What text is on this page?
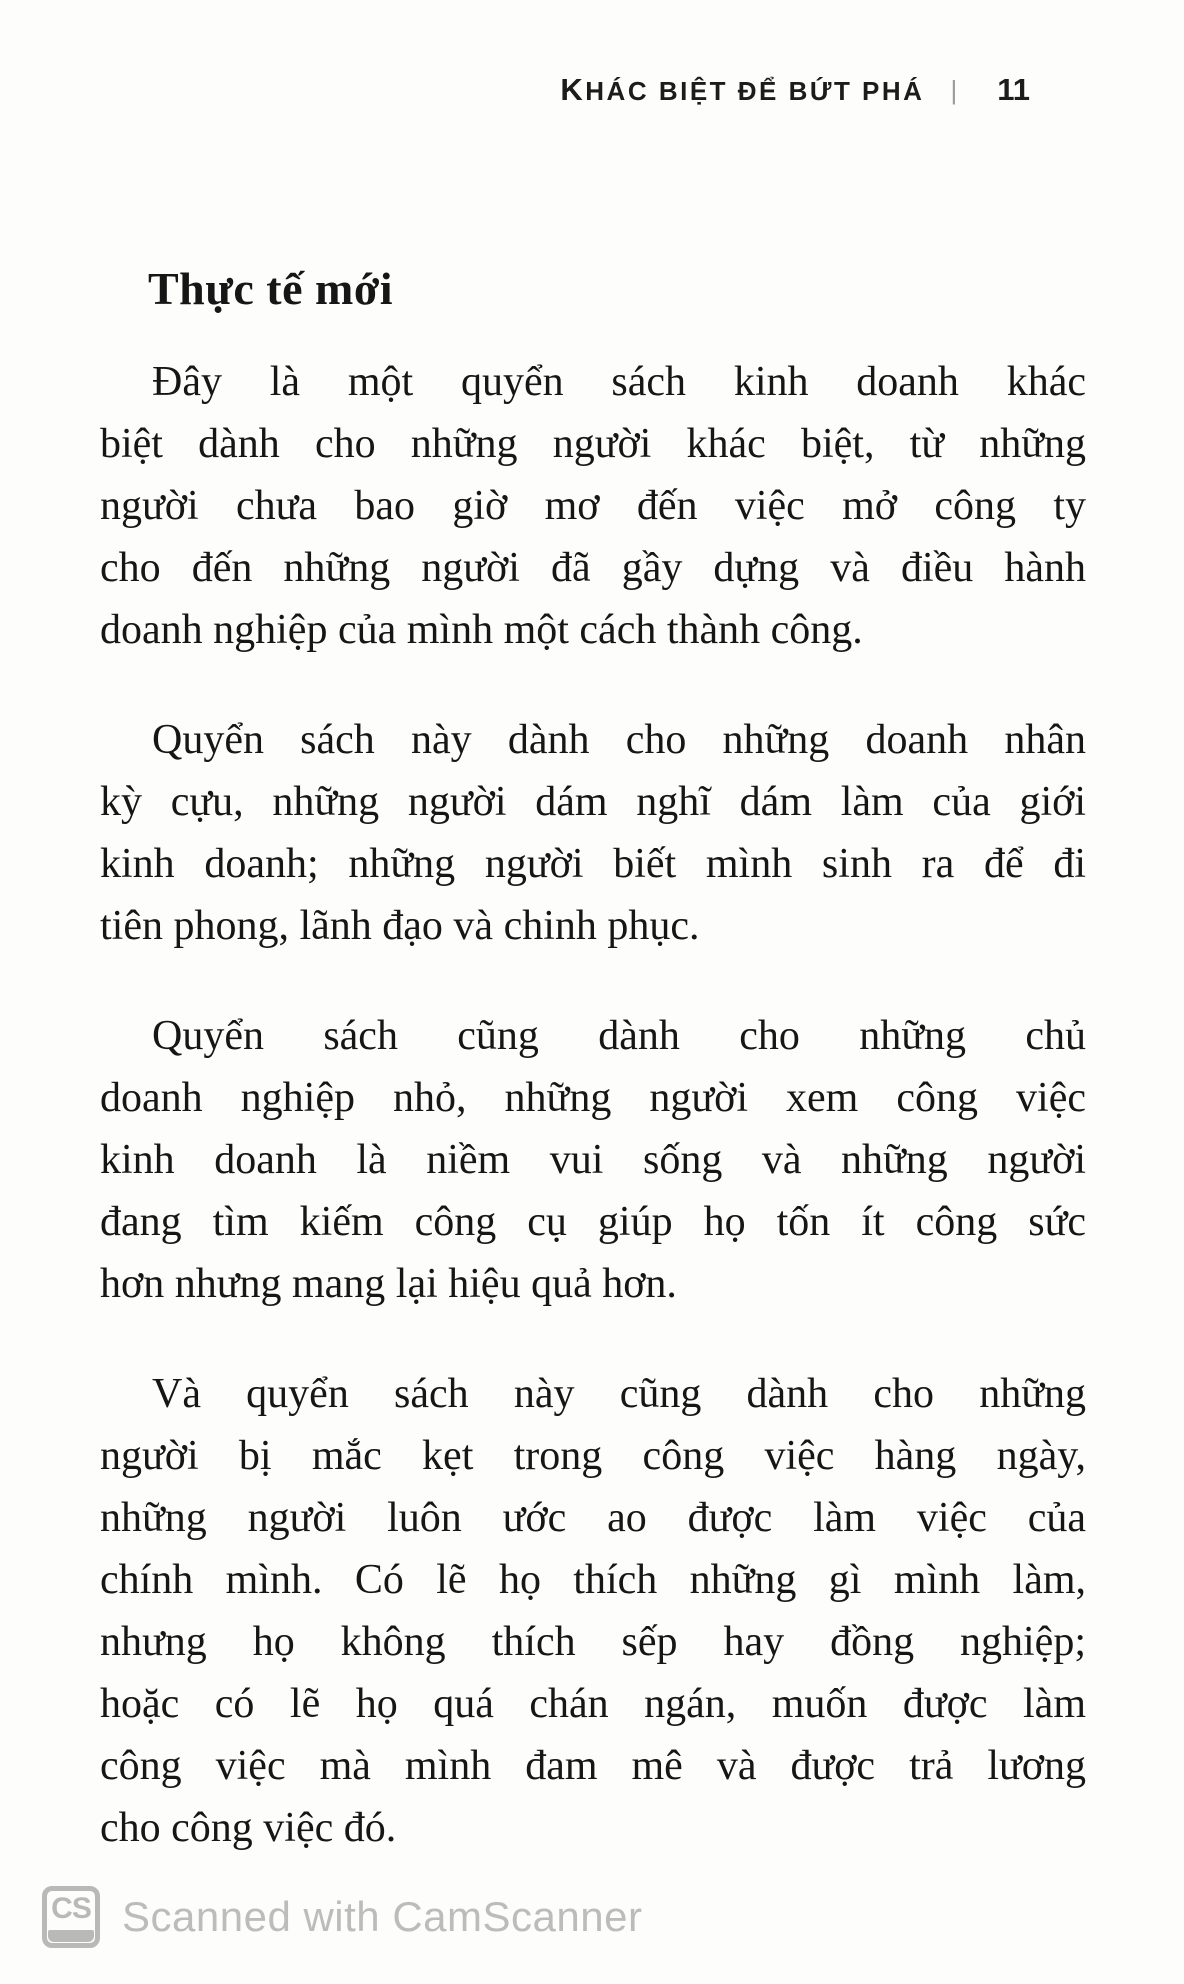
KHÁC BIỆT ĐỂ BỨT PHÁ | 11
Thực tế mới
Đây là một quyển sách kinh doanh khác
biệt dành cho những người khác biệt, từ những
người chưa bao giờ mơ đến việc mở công ty
cho đến những người đã gầy dựng và điều hành
doanh nghiệp của mình một cách thành công.
Quyển sách này dành cho những doanh nhân
kỳ cựu, những người dám nghĩ dám làm của giới
kinh doanh; những người biết mình sinh ra để đi
tiên phong, lãnh đạo và chinh phục.
Quyển sách cũng dành cho những chủ
doanh nghiệp nhỏ, những người xem công việc
kinh doanh là niềm vui sống và những người
đang tìm kiếm công cụ giúp họ tốn ít công sức
hơn nhưng mang lại hiệu quả hơn.
Và quyển sách này cũng dành cho những
người bị mắc kẹt trong công việc hàng ngày,
những người luôn ước ao được làm việc của
chính mình. Có lẽ họ thích những gì mình làm,
nhưng họ không thích sếp hay đồng nghiệp;
hoặc có lẽ họ quá chán ngán, muốn được làm
công việc mà mình đam mê và được trả lương
cho công việc đó.
CS Scanned with CamScanner
